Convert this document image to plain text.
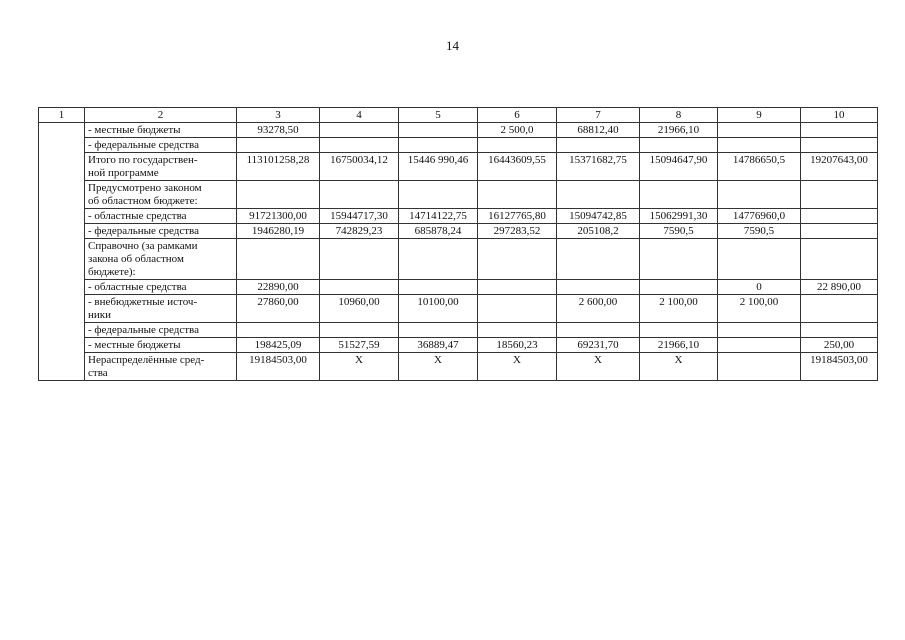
14
1	2	3	4	5	6	7	8	9	10
	- местные бюджеты	93278,50			2 500,0	68812,40	21966,10		
	- федеральные средства								
	Итого по государствен-
ной программе	113101258,28	16750034,12	15446 990,46	16443609,55	15371682,75	15094647,90	14786650,5	19207643,00
	Предусмотрено законом
об областном бюджете:								
	- областные средства	91721300,00	15944717,30	14714122,75	16127765,80	15094742,85	15062991,30	14776960,0	
	- федеральные средства	1946280,19	742829,23	685878,24	297283,52	205108,2	7590,5	7590,5	
	Справочно (за рамками
закона об областном
бюджете):								
	- областные средства	22890,00						0	22 890,00
	- внебюджетные источ-
ники	27860,00	10960,00	10100,00		2 600,00	2 100,00	2 100,00	
	- федеральные средства								
	- местные бюджеты	198425,09	51527,59	36889,47	18560,23	69231,70	21966,10		250,00
	Нераспределённые сред-
ства	19184503,00	Х	Х	Х	Х	Х		19184503,00
